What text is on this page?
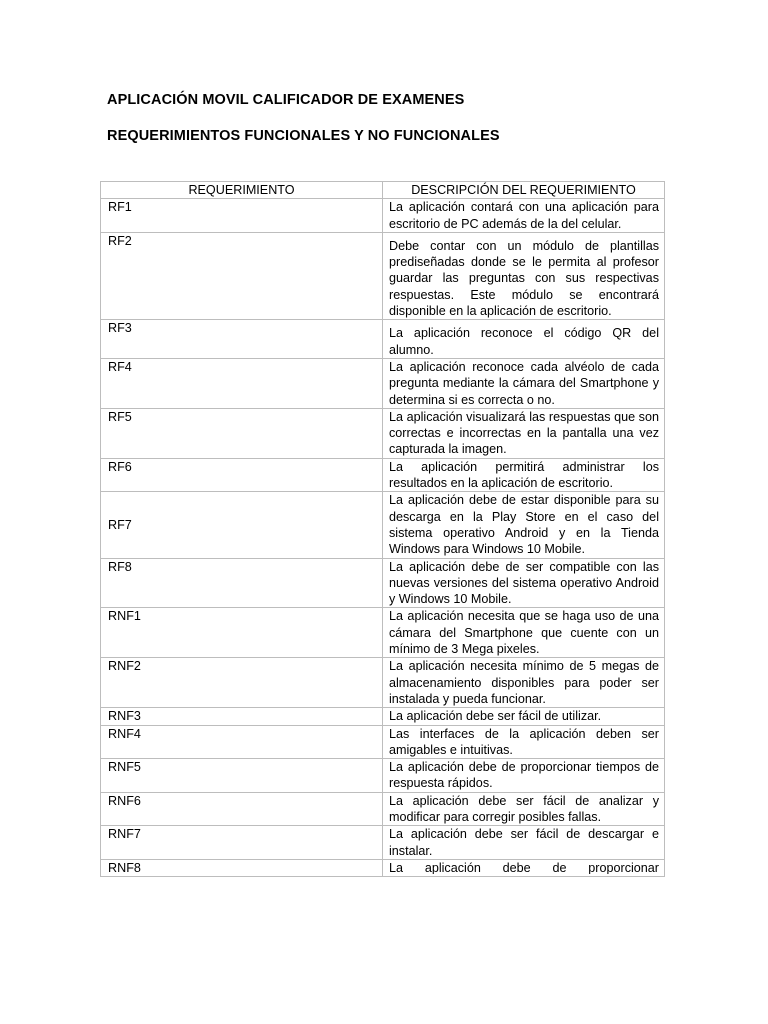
APLICACIÓN MOVIL CALIFICADOR DE EXAMENES
REQUERIMIENTOS FUNCIONALES Y NO FUNCIONALES
REQUERIMIENTO	DESCRIPCIÓN DEL REQUERIMIENTO
RF1	La aplicación contará con una aplicación para escritorio de PC además de la del celular.
RF2	Debe contar con un módulo de plantillas prediseñadas donde se le permita al profesor guardar las preguntas con sus respectivas respuestas. Este módulo se encontrará disponible en la aplicación de escritorio.
RF3	La aplicación reconoce el código QR del alumno.
RF4	La aplicación reconoce cada alvéolo de cada pregunta mediante la cámara del Smartphone y determina si es correcta o no.
RF5	La aplicación visualizará las respuestas que son correctas e incorrectas en la pantalla una vez capturada la imagen.
RF6	La aplicación permitirá administrar los resultados en la aplicación de escritorio.
RF7	La aplicación debe de estar disponible para su descarga en la Play Store en el caso del sistema operativo Android y en la Tienda Windows para Windows 10 Mobile.
RF8	La aplicación debe de ser compatible con las nuevas versiones del sistema operativo Android y Windows 10 Mobile.
RNF1	La aplicación necesita que se haga uso de una cámara del Smartphone que cuente con un mínimo de 3 Mega pixeles.
RNF2	La aplicación necesita mínimo de 5 megas de almacenamiento disponibles para poder ser instalada y pueda funcionar.
RNF3	La aplicación debe ser fácil de utilizar.
RNF4	Las interfaces de la aplicación deben ser amigables e intuitivas.
RNF5	La aplicación debe de proporcionar tiempos de respuesta rápidos.
RNF6	La aplicación debe ser fácil de analizar y modificar para corregir posibles fallas.
RNF7	La aplicación debe ser fácil de descargar e instalar.
RNF8	La aplicación debe de proporcionar
